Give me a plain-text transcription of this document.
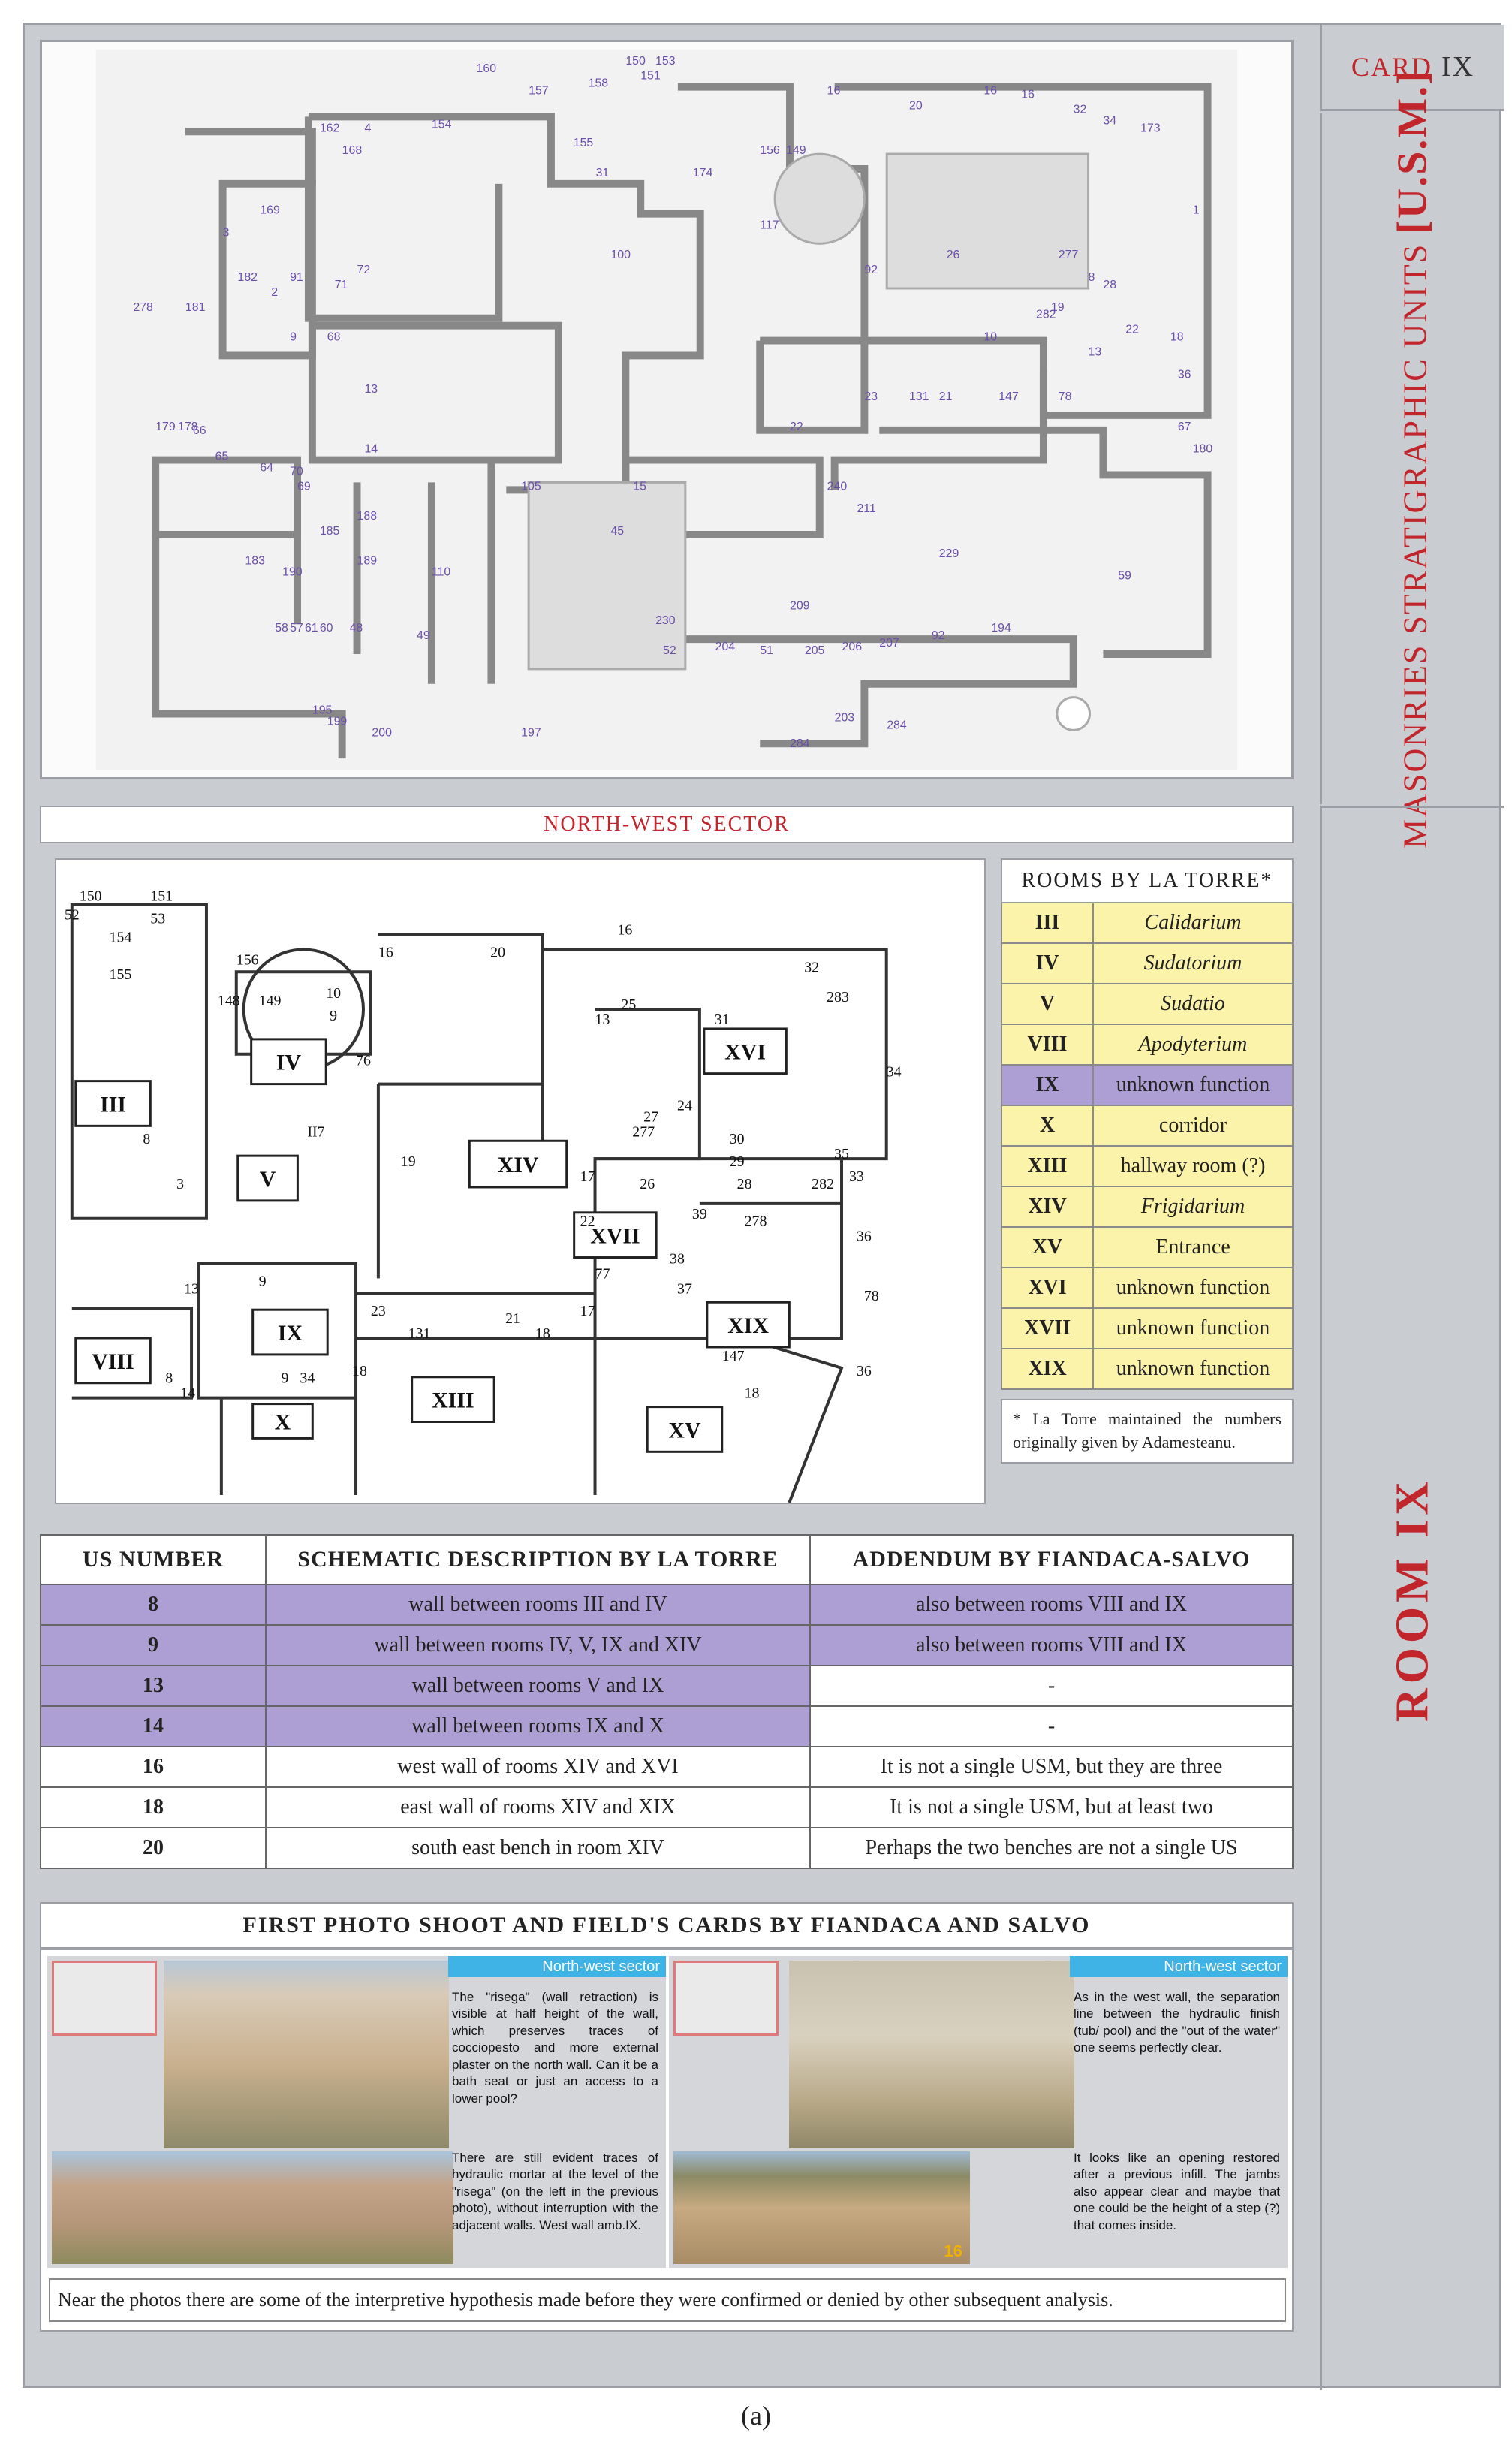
160
157
150 153
151
158
156 149
16
20
16 16
32
34
173
1
169
168
162 4	154
155
31	174
3
91
72
117
100	26	277
8
181
182
71
92
19
28
282
22
278
2
9	10
13
18
36
67
68
13
14
22
23	131 21	147	78
180
179 178
66
65
64 70
69	15	240
211
229
189
188
185
183
190	110
105
45
230
209
59
58 57 61 60 48
49
52	204 51	205 206 207
92
194
195
199
200	197
203
284
284
CARD IX
MASONRIES STRATIGRAPHIC UNITS[U.S.M.]
ROOM IX
NORTH-WEST SECTOR
III
IV
V
VIII
IX
X
XIII
XIV
XV
XVI
XVII
XIX
150	151
52	53
154
155
156	16	20
16
32
283
148 149	10
9
76
31
13
25
34
II7
8
19
27
24
277	30
29	35
26	28	282 33
3
22
17
39 278
36
77
38
37	78
13	9
23
131
21
18
17
147
18
36
14
8	9 34 18
ROOMS BY LA TORRE*
III	Calidarium
IV	Sudatorium
V	Sudatio
VIII	Apodyterium
IX	unknown function
X	corridor
XIII	hallway room (?)
XIV	Frigidarium
XV	Entrance
XVI	unknown function
XVII	unknown function
XIX	unknown function
* La Torre maintained the numbers originally given by Adamesteanu.
US NUMBER	SCHEMATIC DESCRIPTION BY LA TORRE	ADDENDUM BY FIANDACA-SALVO
8	wall between rooms III and IV	also between rooms VIII and IX
9	wall between rooms IV, V, IX and XIV	also between rooms VIII and IX
13	wall between rooms V and IX	-
14	wall between rooms IX and X	-
16	west wall of rooms XIV and XVI	It is not a single USM, but they are three
18	east wall of rooms XIV and XIX	It is not a single USM, but at least two
20	south east bench in room XIV	Perhaps the two benches are not a single US
FIRST PHOTO SHOOT AND FIELD'S CARDS BY FIANDACA AND SALVO
North-west sector
The "risega" (wall retraction) is visible at half height of the wall, which preserves traces of cocciopesto and more external plaster on the north wall. Can it be a bath seat or just an access to a lower pool?
There are still evident traces of hydraulic mortar at the level of the "risega" (on the left in the previous photo), without interruption with the adjacent walls. West wall amb.IX.
16
North-west sector
As in the west wall, the separation line between the hydraulic finish (tub/ pool) and the "out of the water" one seems perfectly clear.
It looks like an opening restored after a previous infill. The jambs also appear clear and maybe that one could be the height of a step (?) that comes inside.
Near the photos there are some of the interpretive hypothesis made before they were confirmed or denied by other subsequent analysis.
(a)
